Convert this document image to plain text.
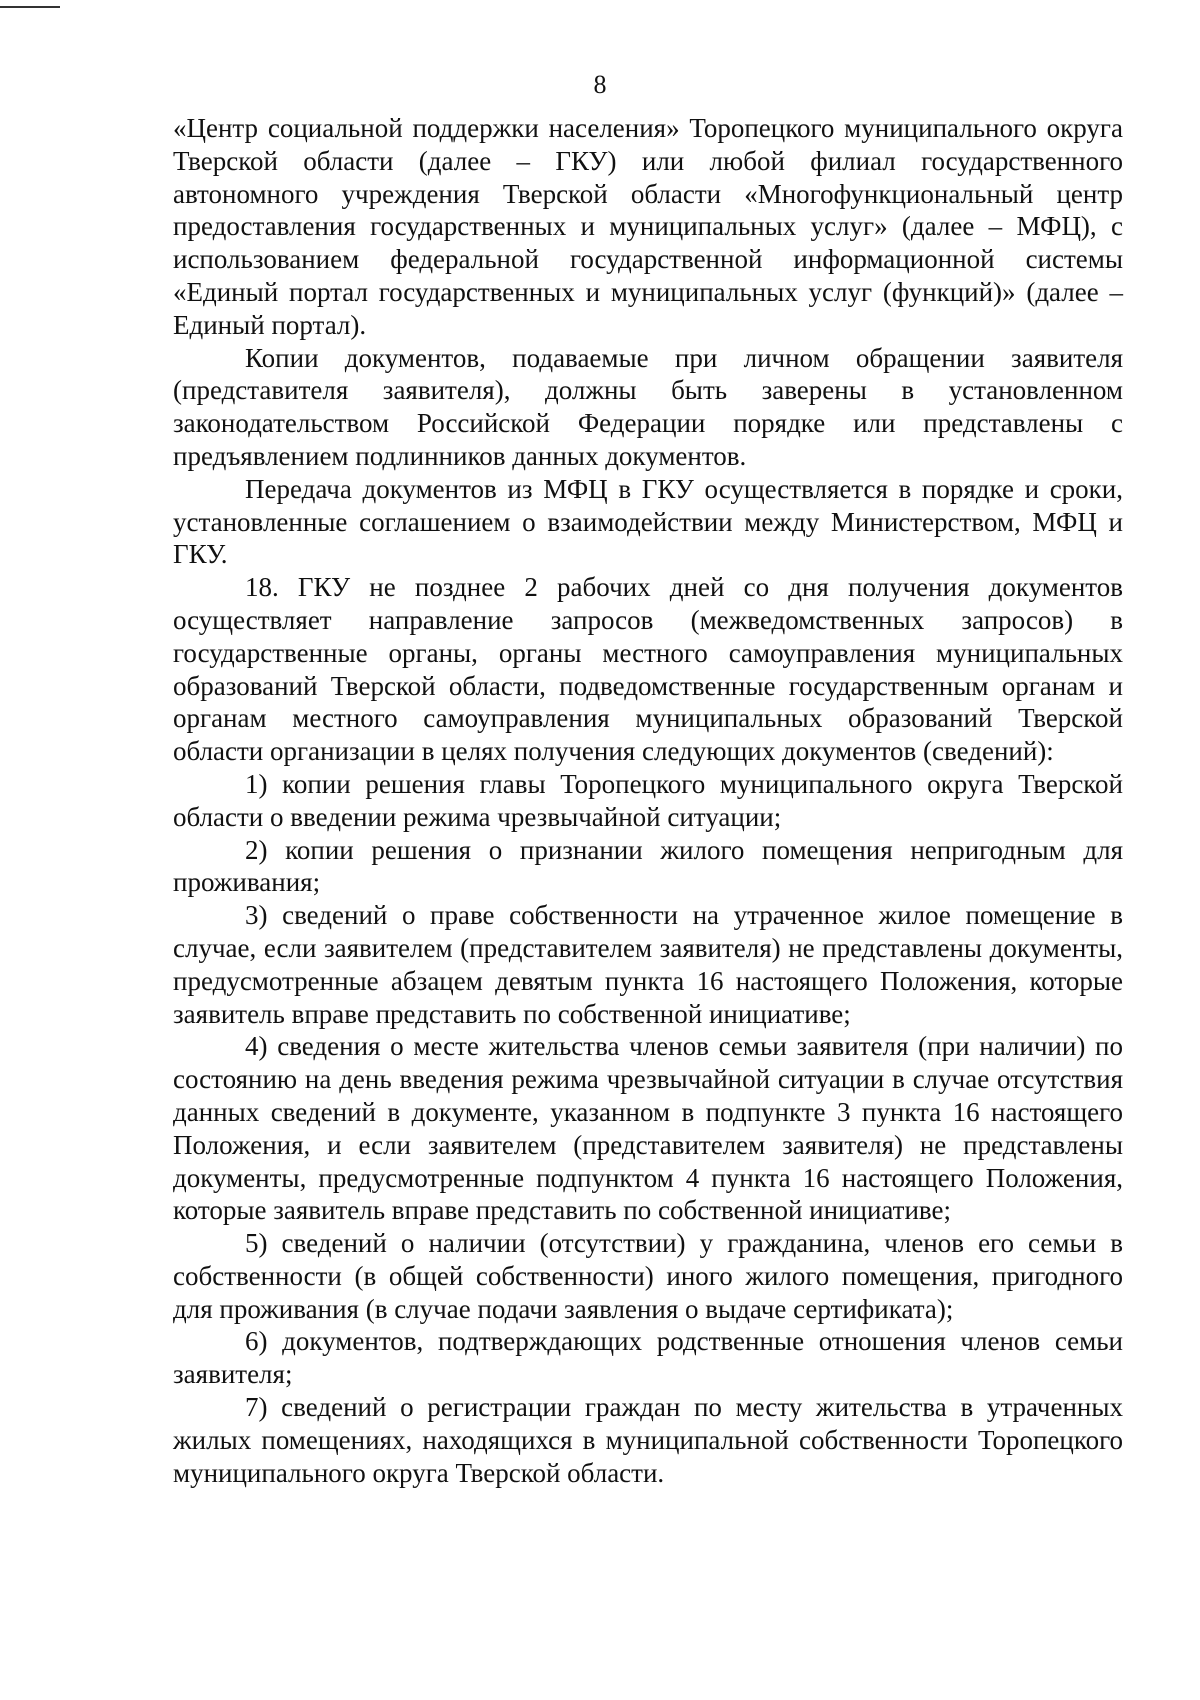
8

«Центр социальной поддержки населения» Торопецкого муниципального округа Тверской области (далее – ГКУ) или любой филиал государственного автономного учреждения Тверской области «Многофункциональный центр предоставления государственных и муниципальных услуг» (далее – МФЦ), с использованием федеральной государственной информационной системы «Единый портал государственных и муниципальных услуг (функций)» (далее – Единый портал).

Копии документов, подаваемые при личном обращении заявителя (представителя заявителя), должны быть заверены в установленном законодательством Российской Федерации порядке или представлены с предъявлением подлинников данных документов.

Передача документов из МФЦ в ГКУ осуществляется в порядке и сроки, установленные соглашением о взаимодействии между Министерством, МФЦ и ГКУ.

18. ГКУ не позднее 2 рабочих дней со дня получения документов осуществляет направление запросов (межведомственных запросов) в государственные органы, органы местного самоуправления муниципальных образований Тверской области, подведомственные государственным органам и органам местного самоуправления муниципальных образований Тверской области организации в целях получения следующих документов (сведений):

1) копии решения главы Торопецкого муниципального округа Тверской области о введении режима чрезвычайной ситуации;

2) копии решения о признании жилого помещения непригодным для проживания;

3) сведений о праве собственности на утраченное жилое помещение в случае, если заявителем (представителем заявителя) не представлены документы, предусмотренные абзацем девятым пункта 16 настоящего Положения, которые заявитель вправе представить по собственной инициативе;

4) сведения о месте жительства членов семьи заявителя (при наличии) по состоянию на день введения режима чрезвычайной ситуации в случае отсутствия данных сведений в документе, указанном в подпункте 3 пункта 16 настоящего Положения, и если заявителем (представителем заявителя) не представлены документы, предусмотренные подпунктом 4 пункта 16 настоящего Положения, которые заявитель вправе представить по собственной инициативе;

5) сведений о наличии (отсутствии) у гражданина, членов его семьи в собственности (в общей собственности) иного жилого помещения, пригодного для проживания (в случае подачи заявления о выдаче сертификата);

6) документов, подтверждающих родственные отношения членов семьи заявителя;

7) сведений о регистрации граждан по месту жительства в утраченных жилых помещениях, находящихся в муниципальной собственности Торопецкого муниципального округа Тверской области.
